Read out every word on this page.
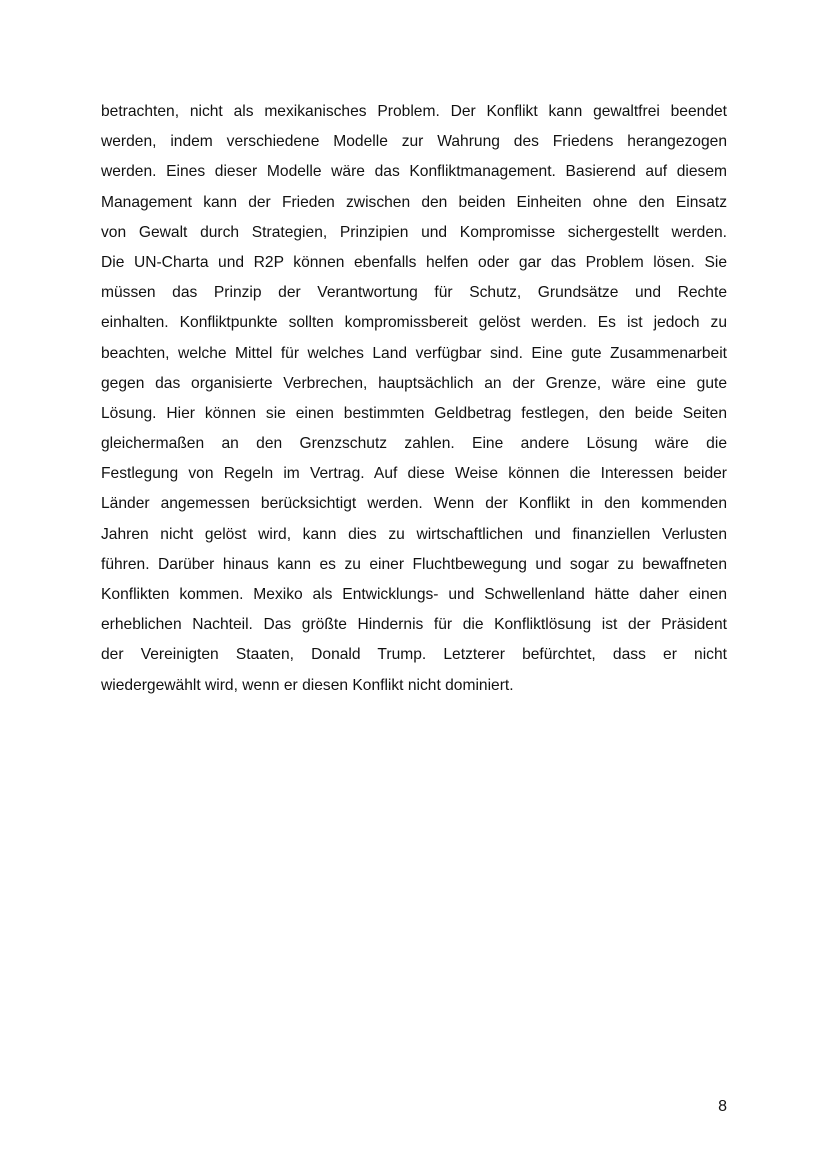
betrachten, nicht als mexikanisches Problem. Der Konflikt kann gewaltfrei beendet
werden, indem verschiedene Modelle zur Wahrung des Friedens herangezogen
werden. Eines dieser Modelle wäre das Konfliktmanagement. Basierend auf diesem
Management kann der Frieden zwischen den beiden Einheiten ohne den Einsatz
von Gewalt durch Strategien, Prinzipien und Kompromisse sichergestellt werden.
Die UN-Charta und R2P können ebenfalls helfen oder gar das Problem lösen. Sie
müssen das Prinzip der Verantwortung für Schutz, Grundsätze und Rechte
einhalten. Konfliktpunkte sollten kompromissbereit gelöst werden. Es ist jedoch zu
beachten, welche Mittel für welches Land verfügbar sind. Eine gute Zusammenarbeit
gegen das organisierte Verbrechen, hauptsächlich an der Grenze, wäre eine gute
Lösung. Hier können sie einen bestimmten Geldbetrag festlegen, den beide Seiten
gleichermaßen an den Grenzschutz zahlen. Eine andere Lösung wäre die
Festlegung von Regeln im Vertrag. Auf diese Weise können die Interessen beider
Länder angemessen berücksichtigt werden. Wenn der Konflikt in den kommenden
Jahren nicht gelöst wird, kann dies zu wirtschaftlichen und finanziellen Verlusten
führen. Darüber hinaus kann es zu einer Fluchtbewegung und sogar zu bewaffneten
Konflikten kommen. Mexiko als Entwicklungs- und Schwellenland hätte daher einen
erheblichen Nachteil. Das größte Hindernis für die Konfliktlösung ist der Präsident
der Vereinigten Staaten, Donald Trump. Letzterer befürchtet, dass er nicht
wiedergewählt wird, wenn er diesen Konflikt nicht dominiert.
8
